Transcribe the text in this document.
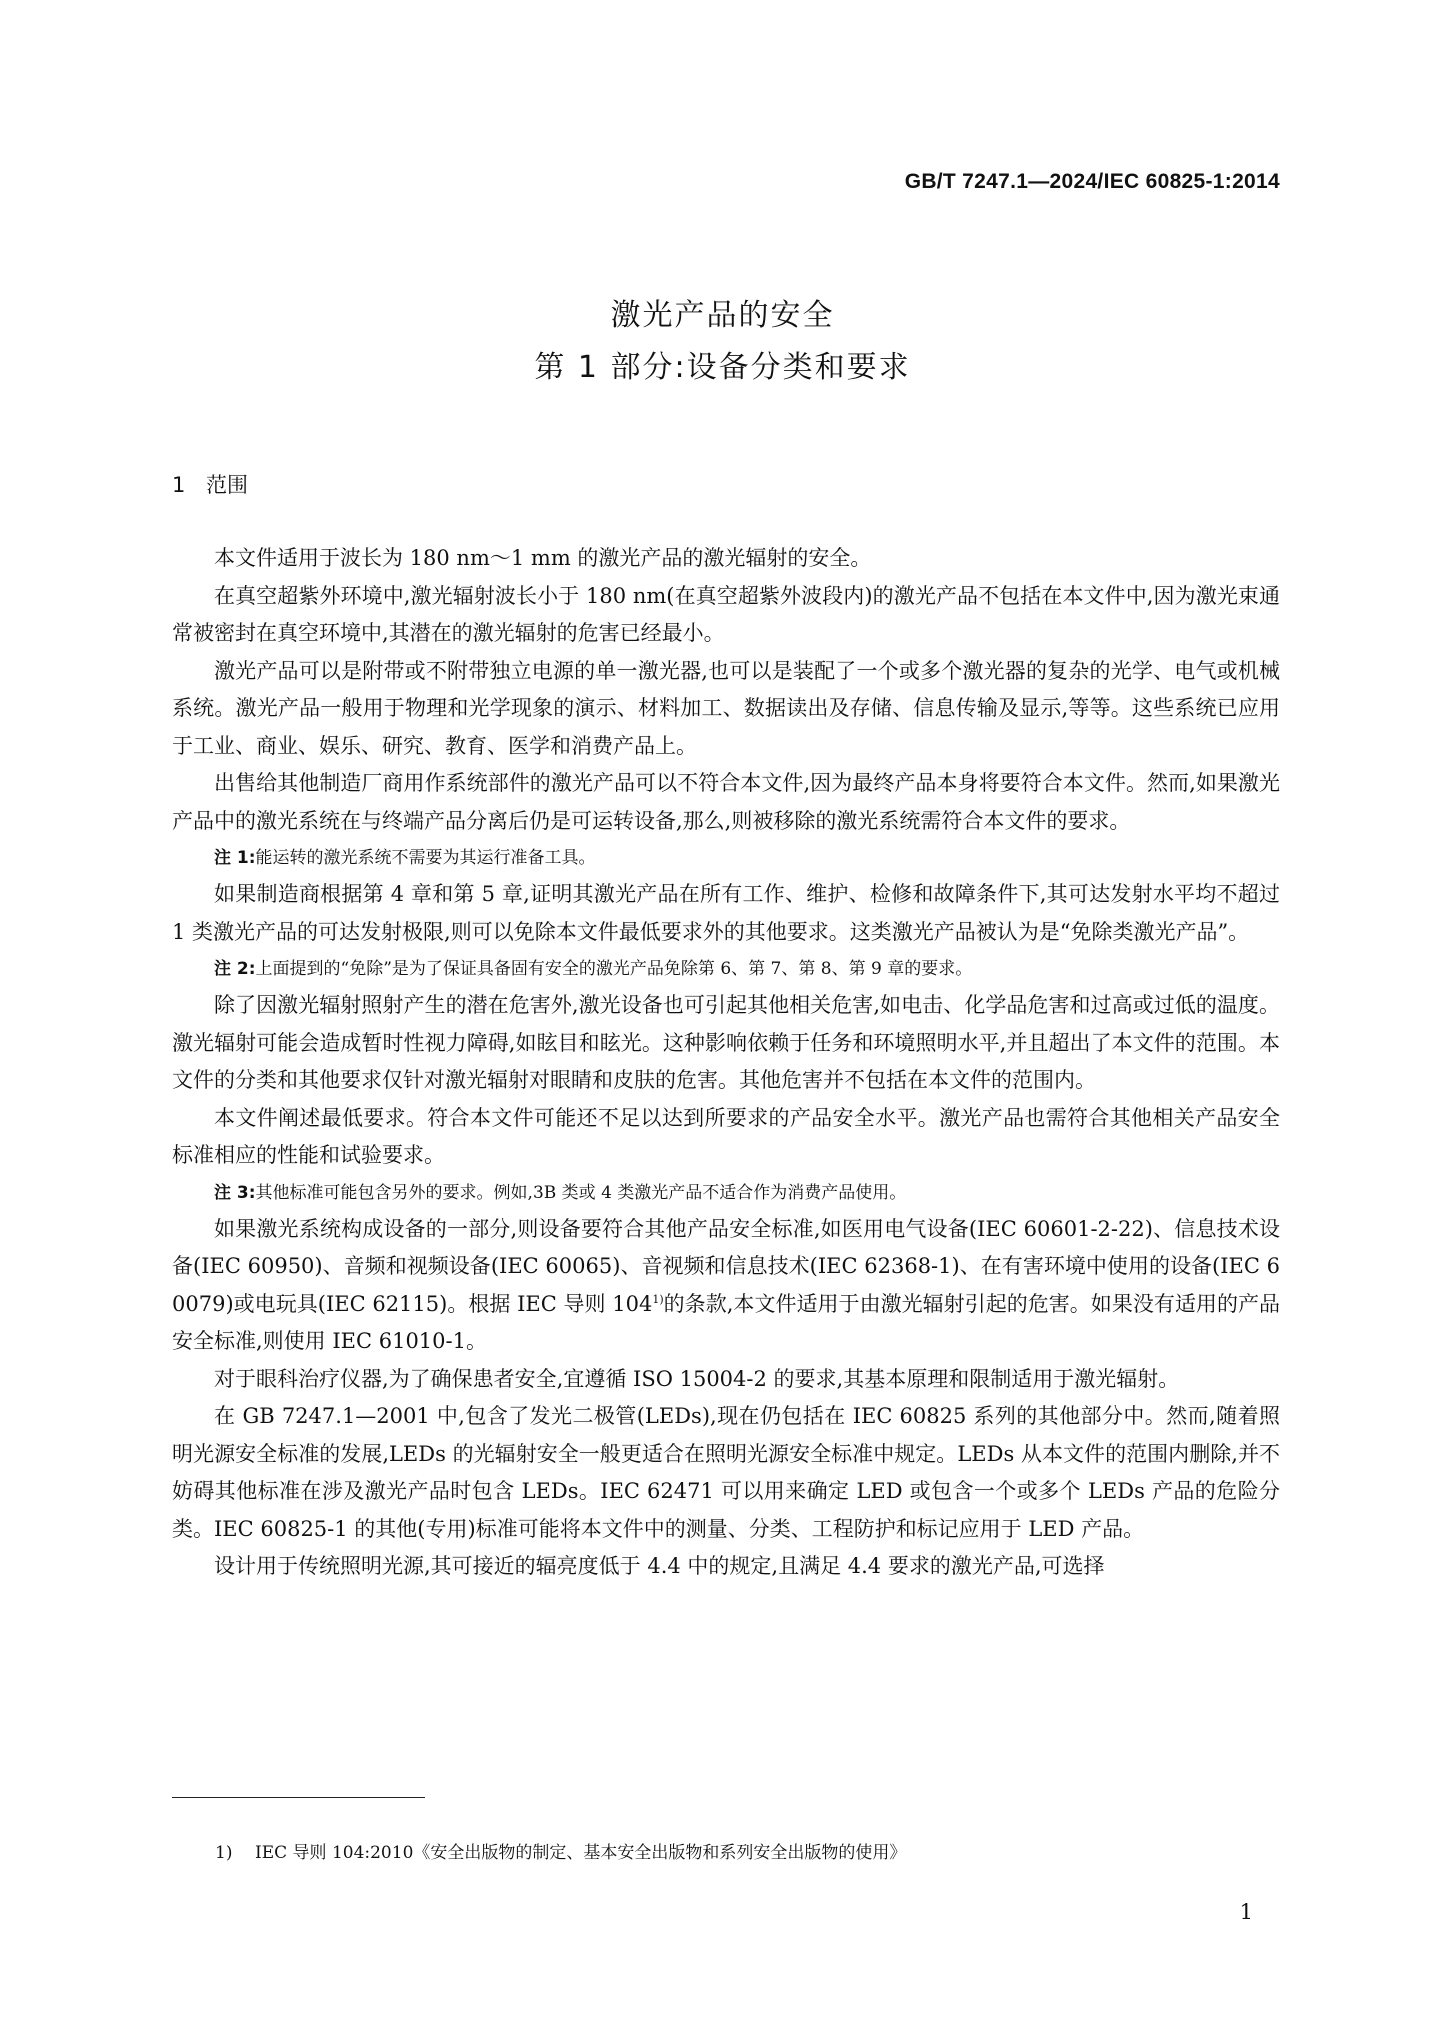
GB/T 7247.1—2024/IEC 60825-1:2014
激光产品的安全
第 1 部分:设备分类和要求
1 范围

本文件适用于波长为 180 nm～1 mm 的激光产品的激光辐射的安全。

在真空超紫外环境中,激光辐射波长小于 180 nm(在真空超紫外波段内)的激光产品不包括在本文件中,因为激光束通常被密封在真空环境中,其潜在的激光辐射的危害已经最小。

激光产品可以是附带或不附带独立电源的单一激光器,也可以是装配了一个或多个激光器的复杂的光学、电气或机械系统。激光产品一般用于物理和光学现象的演示、材料加工、数据读出及存储、信息传输及显示,等等。这些系统已应用于工业、商业、娱乐、研究、教育、医学和消费产品上。

出售给其他制造厂商用作系统部件的激光产品可以不符合本文件,因为最终产品本身将要符合本文件。然而,如果激光产品中的激光系统在与终端产品分离后仍是可运转设备,那么,则被移除的激光系统需符合本文件的要求。

注 1:能运转的激光系统不需要为其运行准备工具。

如果制造商根据第 4 章和第 5 章,证明其激光产品在所有工作、维护、检修和故障条件下,其可达发射水平均不超过 1 类激光产品的可达发射极限,则可以免除本文件最低要求外的其他要求。这类激光产品被认为是“免除类激光产品”。

注 2:上面提到的“免除”是为了保证具备固有安全的激光产品免除第 6、第 7、第 8、第 9 章的要求。

除了因激光辐射照射产生的潜在危害外,激光设备也可引起其他相关危害,如电击、化学品危害和过高或过低的温度。激光辐射可能会造成暂时性视力障碍,如眩目和眩光。这种影响依赖于任务和环境照明水平,并且超出了本文件的范围。本文件的分类和其他要求仅针对激光辐射对眼睛和皮肤的危害。其他危害并不包括在本文件的范围内。

本文件阐述最低要求。符合本文件可能还不足以达到所要求的产品安全水平。激光产品也需符合其他相关产品安全标准相应的性能和试验要求。

注 3:其他标准可能包含另外的要求。例如,3B 类或 4 类激光产品不适合作为消费产品使用。

如果激光系统构成设备的一部分,则设备要符合其他产品安全标准,如医用电气设备(IEC 60601-2-22)、信息技术设备(IEC 60950)、音频和视频设备(IEC 60065)、音视频和信息技术(IEC 62368-1)、在有害环境中使用的设备(IEC 60079)或电玩具(IEC 62115)。根据 IEC 导则 104$^{1)}$的条款,本文件适用于由激光辐射引起的危害。如果没有适用的产品安全标准,则使用 IEC 61010-1。

对于眼科治疗仪器,为了确保患者安全,宜遵循 ISO 15004-2 的要求,其基本原理和限制适用于激光辐射。

在 GB 7247.1—2001 中,包含了发光二极管(LEDs),现在仍包括在 IEC 60825 系列的其他部分中。然而,随着照明光源安全标准的发展,LEDs 的光辐射安全一般更适合在照明光源安全标准中规定。LEDs 从本文件的范围内删除,并不妨碍其他标准在涉及激光产品时包含 LEDs。IEC 62471 可以用来确定 LED 或包含一个或多个 LEDs 产品的危险分类。IEC 60825-1 的其他(专用)标准可能将本文件中的测量、分类、工程防护和标记应用于 LED 产品。

设计用于传统照明光源,其可接近的辐亮度低于 4.4 中的规定,且满足 4.4 要求的激光产品,可选择

1) IEC 导则 104:2010《安全出版物的制定、基本安全出版物和系列安全出版物的使用》
1
